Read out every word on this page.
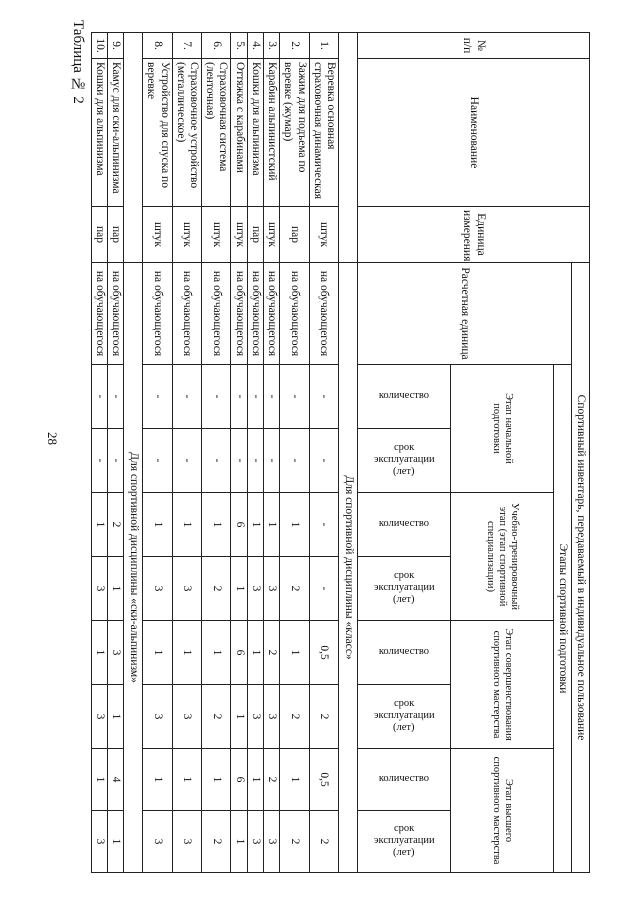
28
Таблица № 2	№
п/п	Наименование	Единица измерения	Спортивный инвентарь, передаваемый в индивидуальное пользование								
			Расчетная единица	Этапы спортивной подготовки							
				Этап начальной подготовки		Учебно-тренировочный этап (этап спортивной специализации)		Этап совершенствования спортивного мастерства		Этап высшего спортивного мастерства	

				количество	срок эксплуатации (лет)	количество	срок эксплуатации (лет)	количество	срок эксплуатации (лет)	количество	срок эксплуатации (лет)

			Для спортивной дисциплины «класс»								
1.	Веревка основная страховочная динамическая	штук	на обучающегося	-	-	-	-	0,5	2	0,5	2
2.	Зажим для подъема по веревке (жумар)	пар	на обучающегося	-	-	1	2	1	2	1	2
3.	Карабин альпинистский	штук	на обучающегося	-	-	1	3	2	3	2	3
4.	Кошки для альпинизма	пар	на обучающегося	-	-	1	3	1	3	1	3
5.	Оттяжка с карабинами	штук	на обучающегося	-	-	6	1	6	1	6	1
6.	Страховочная система (ленточная)	штук	на обучающегося	-	-	1	2	1	2	1	2
7.	Страховочное устройство (металлическое)	штук	на обучающегося	-	-	1	3	1	3	1	3
8.	Устройство для спуска по веревке	штук	на обучающегося	-	-	1	3	1	3	1	3
			Для спортивной дисциплины «ски-альпинизм»								
9.	Камус для ски-альпинизма	пар	на обучающегося	-	-	2	1	3	1	4	1
10.	Кошки для альпинизма	пар	на обучающегося	-	-	1	3	1	3	1	3
